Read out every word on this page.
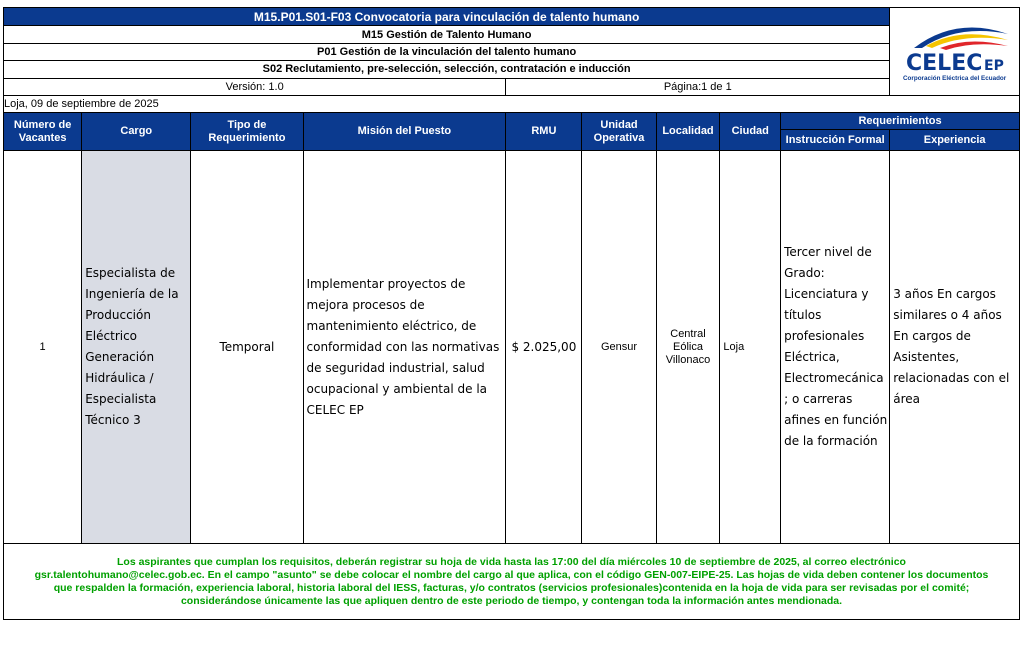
M15.P01.S01-F03 Convocatoria para vinculación de talento humano									CELEC EP
Corporación Eléctrica del Ecuador

M15 Gestión de Talento Humano									
P01 Gestión de la vinculación del talento humano									
S02 Reclutamiento, pre-selección, selección, contratación e inducción									
Versión: 1.0				Página:1 de 1					
Loja, 09 de septiembre de 2025									
Número de Vacantes	Cargo	Tipo de Requerimiento	Misión del Puesto	RMU	Unidad Operativa	Localidad	Ciudad	Requerimientos	
								Instrucción Formal	Experiencia
1	Especialista de Ingeniería de la Producción Eléctrico Generación Hidráulica / Especialista Técnico 3	Temporal	Implementar proyectos de mejora procesos de mantenimiento eléctrico, de conformidad con las normativas de seguridad industrial, salud ocupacional y ambiental de la CELEC EP	$ 2.025,00	Gensur	Central Eólica Villonaco	Loja	Tercer nivel de Grado: Licenciatura y títulos profesionales Eléctrica, Electromecánica ; o carreras afines en función de la formación	3 años En cargos similares o 4 años En cargos de Asistentes, relacionadas con el área

Los aspirantes que cumplan los requisitos, deberán registrar su hoja de vida hasta las 17:00 del día miércoles 10 de septiembre de 2025, al correo electrónico
gsr.talentohumano@celec.gob.ec. En el campo "asunto" se debe colocar el nombre del cargo al que aplica, con el código GEN-007-EIPE-25. Las hojas de vida deben contener los documentos
que respalden la formación, experiencia laboral, historia laboral del IESS, facturas, y/o contratos (servicios profesionales)contenida en la hoja de vida para ser revisadas por el comité;
considerándose únicamente las que apliquen dentro de este periodo de tiempo, y contengan toda la información antes mendionada.									
